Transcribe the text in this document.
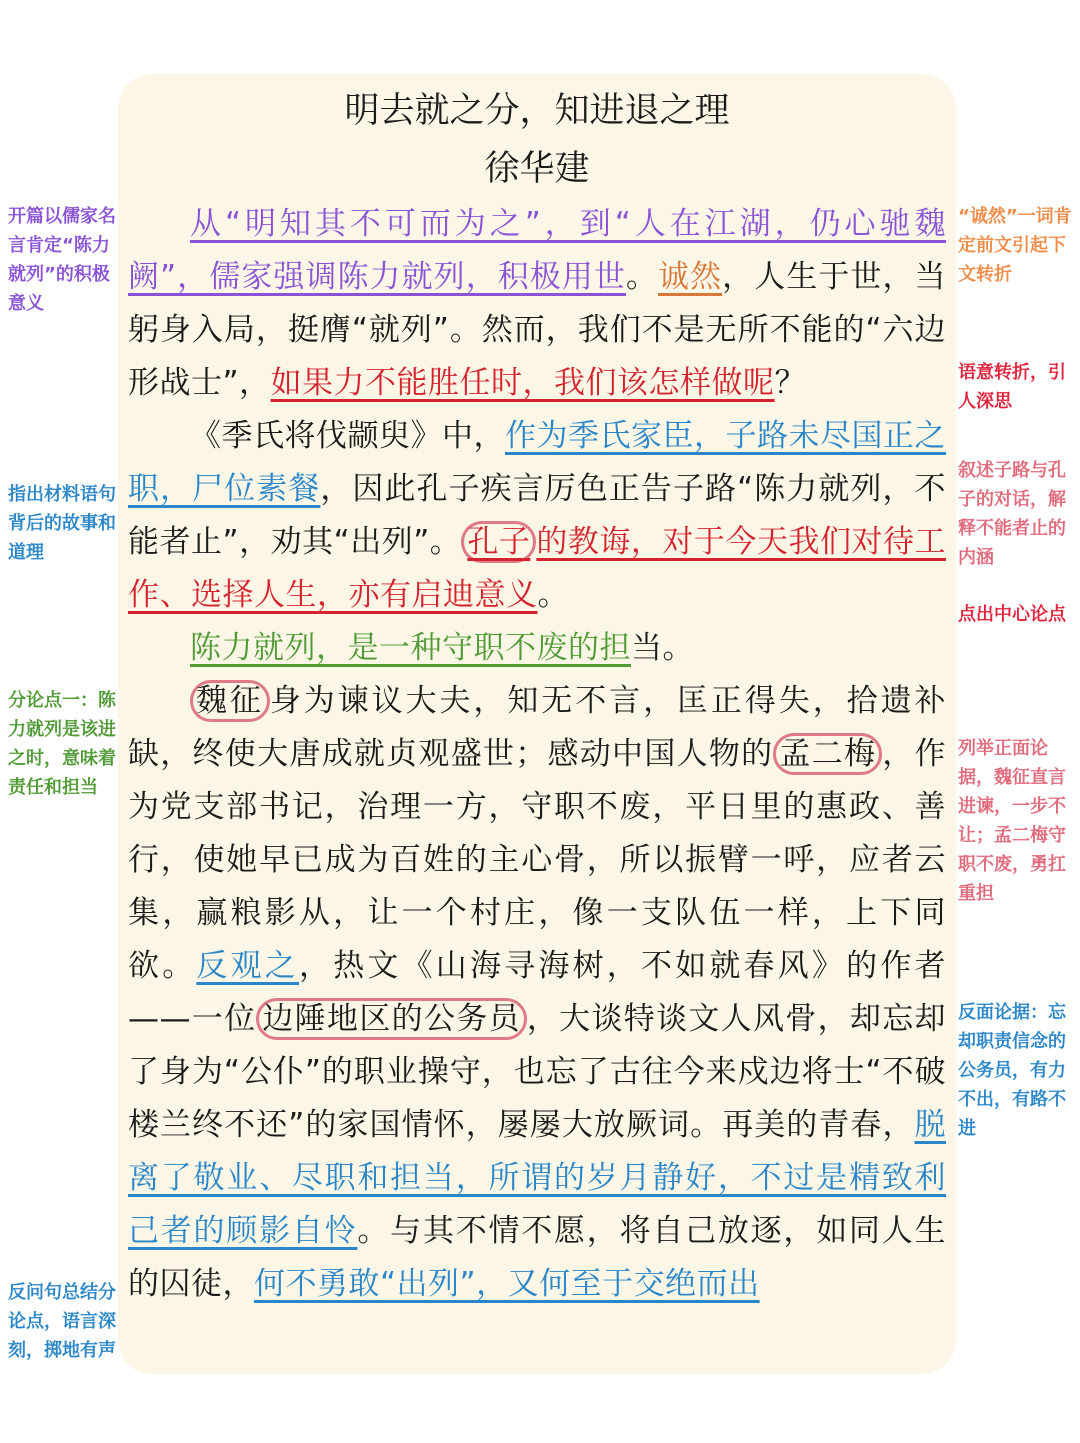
明去就之分，知进退之理
徐华建

从“明知其不可而为之”，到“人在江湖，仍心驰魏阙”，儒家强调陈力就列，积极用世。诚然，人生于世，当躬身入局，挺膺“就列”。然而，我们不是无所不能的“六边形战士”，如果力不能胜任时，我们该怎样做呢？

《季氏将伐颛臾》中，作为季氏家臣，子路未尽国正之职，尸位素餐，因此孔子疾言厉色正告子路“陈力就列，不能者止”，劝其“出列”。 孔子 的教诲，对于今天我们对待工作、选择人生，亦有启迪意义。

陈力就列，是一种守职不废的担当。

魏征 身为谏议大夫，知无不言，匡正得失，拾遗补缺，终使大唐成就贞观盛世；感动中国人物的 孟二梅 ，作为党支部书记，治理一方，守职不废，平日里的惠政、善行，使她早已成为百姓的主心骨，所以振臂一呼，应者云集，赢粮影从，让一个村庄，像一支队伍一样，上下同欲。反观之，热文《山海寻海树，不如就春风》的作者——一位 边陲地区的公务员 ，大谈特谈文人风骨，却忘却了身为“公仆”的职业操守，也忘了古往今来戍边将士“不破楼兰终不还”的家国情怀，屡屡大放厥词。再美的青春，脱离了敬业、尽职和担当，所谓的岁月静好，不过是精致利己者的顾影自怜。与其不情不愿，将自己放逐，如同人生的囚徒，何不勇敢“出列”，又何至于交绝而出

开篇以儒家名言肯定“陈力就列”的积极意义

指出材料语句背后的故事和道理

分论点一：陈力就列是该进之时，意味着责任和担当

反问句总结分论点，语言深刻，掷地有声

“诚然”一词肯定前文引起下文转折

语意转折，引人深思

叙述子路与孔子的对话，解释不能者止的内涵

点出中心论点

列举正面论据，魏征直言进谏，一步不让；孟二梅守职不废，勇扛重担

反面论据：忘却职责信念的公务员，有力不出，有路不进
